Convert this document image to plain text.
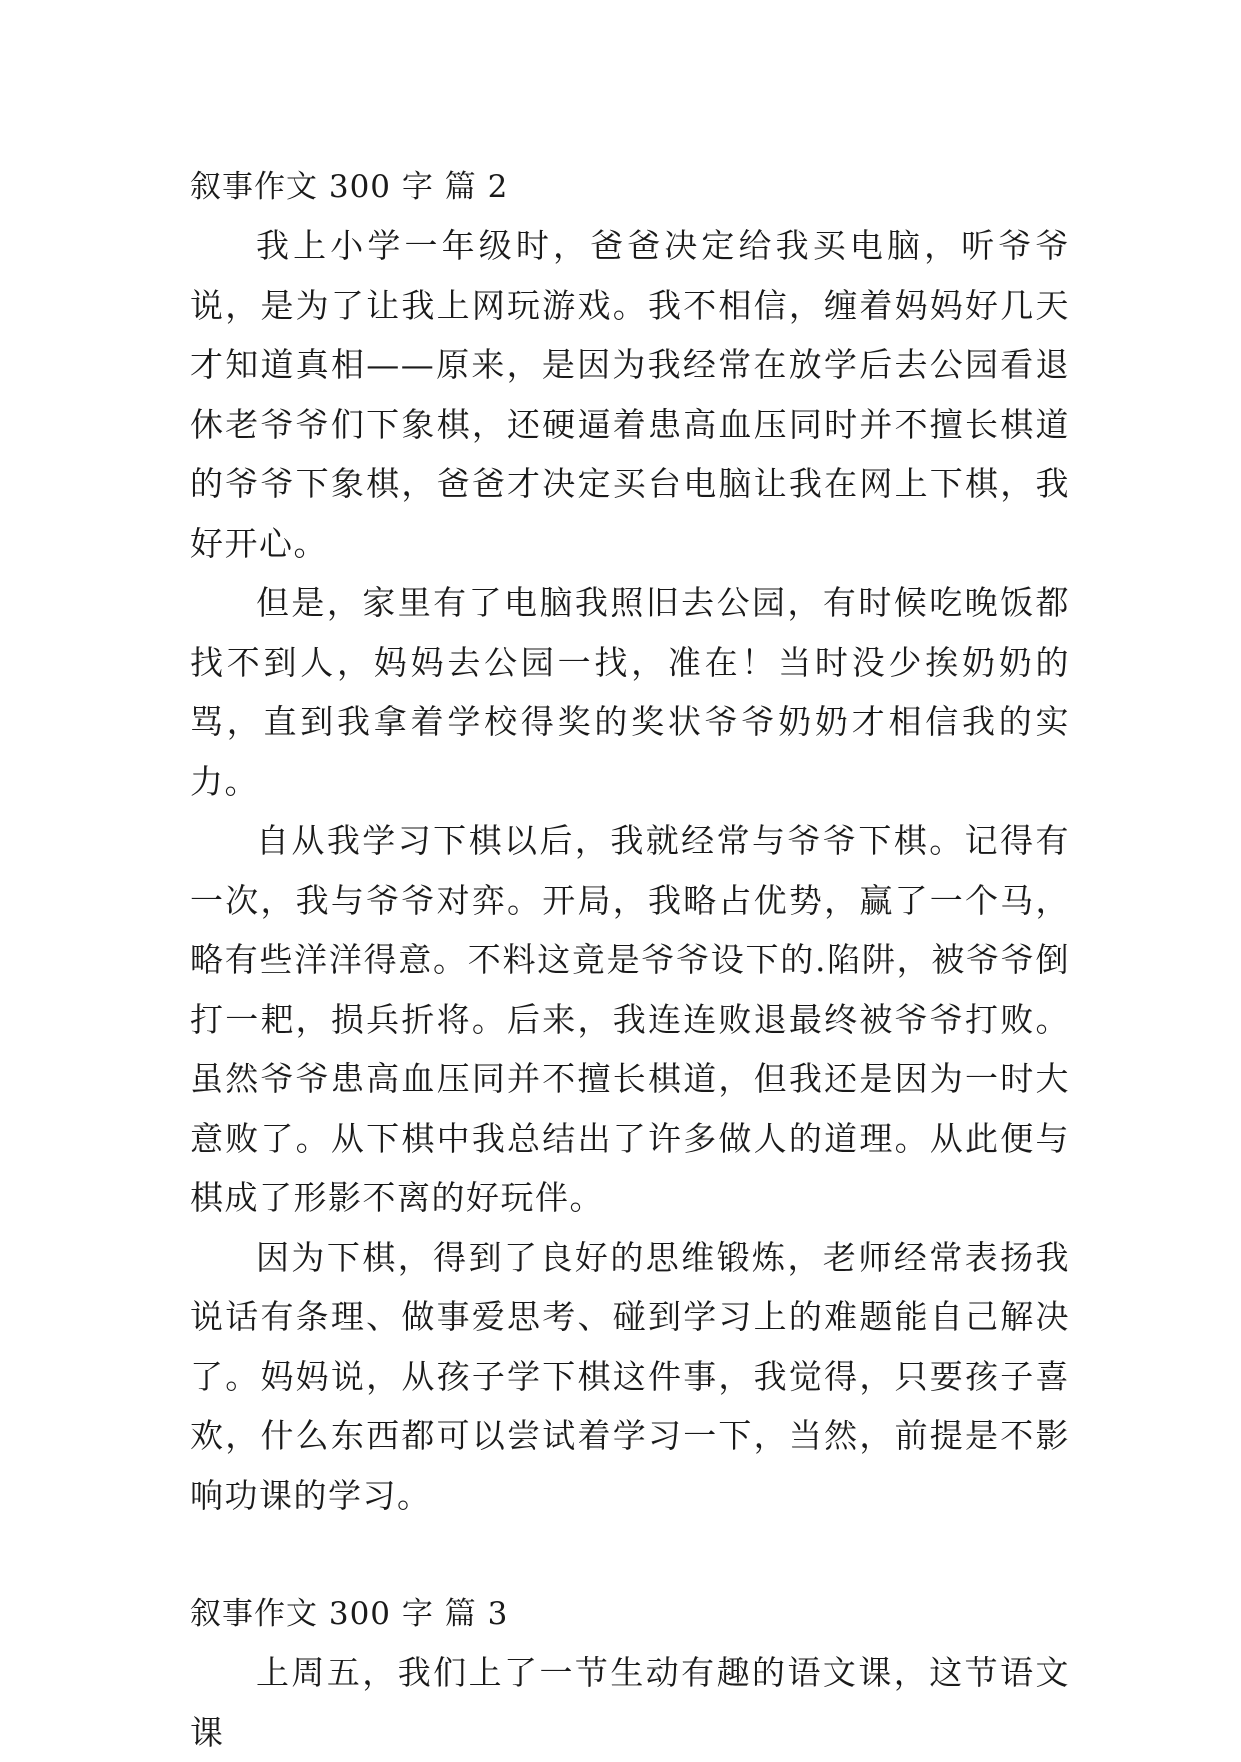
叙事作文 300 字 篇 2

我上小学一年级时，爸爸决定给我买电脑，听爷爷说，是为了让我上网玩游戏。我不相信，缠着妈妈好几天才知道真相——原来，是因为我经常在放学后去公园看退休老爷爷们下象棋，还硬逼着患高血压同时并不擅长棋道的爷爷下象棋，爸爸才决定买台电脑让我在网上下棋，我好开心。

但是，家里有了电脑我照旧去公园，有时候吃晚饭都找不到人，妈妈去公园一找，准在！当时没少挨奶奶的骂，直到我拿着学校得奖的奖状爷爷奶奶才相信我的实力。

自从我学习下棋以后，我就经常与爷爷下棋。记得有一次，我与爷爷对弈。开局，我略占优势，赢了一个马，略有些洋洋得意。不料这竟是爷爷设下的.陷阱，被爷爷倒打一耙，损兵折将。后来，我连连败退最终被爷爷打败。虽然爷爷患高血压同并不擅长棋道，但我还是因为一时大意败了。从下棋中我总结出了许多做人的道理。从此便与棋成了形影不离的好玩伴。

因为下棋，得到了良好的思维锻炼，老师经常表扬我说话有条理、做事爱思考、碰到学习上的难题能自己解决了。妈妈说，从孩子学下棋这件事，我觉得，只要孩子喜欢，什么东西都可以尝试着学习一下，当然，前提是不影响功课的学习。

叙事作文 300 字 篇 3

上周五，我们上了一节生动有趣的语文课，这节语文课
